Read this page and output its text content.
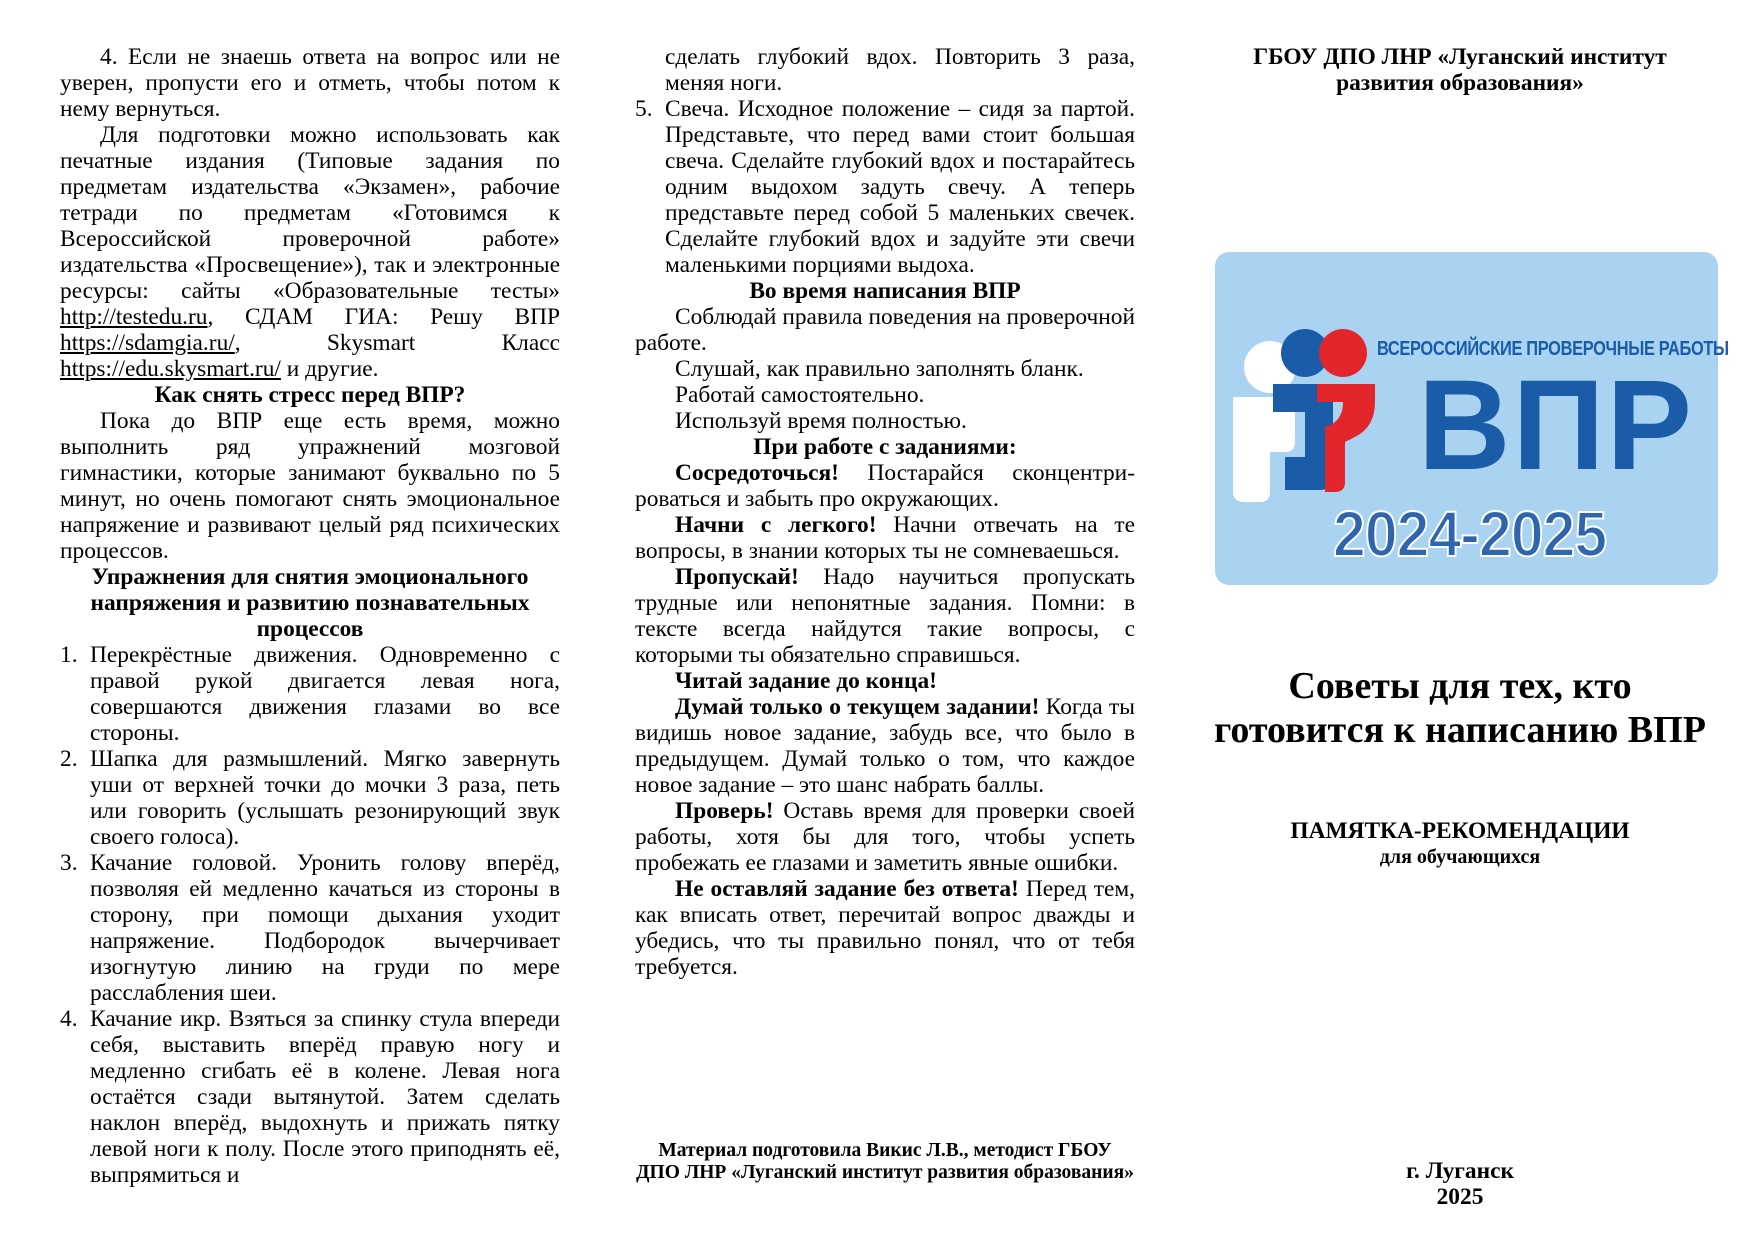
4. Если не знаешь ответа на вопрос или не уверен, пропусти его и отметь, чтобы потом к нему вернуться.

Для подготовки можно использовать как печатные издания (Типовые задания по предметам издательства «Экзамен», рабочие тетради по предметам «Готовимся к Всероссийской проверочной работе» издательства «Просвещение»), так и электронные ресурсы: сайты «Образовательные тесты» http://testedu.ru, СДАМ ГИА: Решу ВПР https://sdamgia.ru/, Skysmart Класс https://edu.skysmart.ru/ и другие.

Как снять стресс перед ВПР?

Пока до ВПР еще есть время, можно выполнить ряд упражнений мозговой гимнастики, которые занимают буквально по 5 минут, но очень помогают снять эмоциональное напряжение и развивают целый ряд психических процессов.

Упражнения для снятия эмоционального напряжения и развитию познавательных процессов

1. Перекрёстные движения. Одновременно с правой рукой двигается левая нога, совершаются движения глазами во все стороны.
2. Шапка для размышлений. Мягко завернуть уши от верхней точки до мочки 3 раза, петь или говорить (услышать резонирующий звук своего голоса).
3. Качание головой. Уронить голову вперёд, позволяя ей медленно качаться из стороны в сторону, при помощи дыхания уходит напряжение. Подбородок вычерчивает изогнутую линию на груди по мере расслабления шеи.
4. Качание икр. Взяться за спинку стула впереди себя, выставить вперёд правую ногу и медленно сгибать её в колене. Левая нога остаётся сзади вытянутой. Затем сделать наклон вперёд, выдохнуть и прижать пятку левой ноги к полу. После этого приподнять её, выпрямиться и
сделать глубокий вдох. Повторить 3 раза, меняя ноги.
5. Свеча. Исходное положение – сидя за партой. Представьте, что перед вами стоит большая свеча. Сделайте глубокий вдох и постарайтесь одним выдохом задуть свечу. А теперь представьте перед собой 5 маленьких свечек. Сделайте глубокий вдох и задуйте эти свечи маленькими порциями выдоха.

Во время написания ВПР

Соблюдай правила поведения на проверочной работе.

Слушай, как правильно заполнять бланк.

Работай самостоятельно.

Используй время полностью.

При работе с заданиями:

Сосредоточься! Постарайся сконцентри-роваться и забыть про окружающих.

Начни с легкого! Начни отвечать на те вопросы, в знании которых ты не сомневаешься.

Пропускай! Надо научиться пропускать трудные или непонятные задания. Помни: в тексте всегда найдутся такие вопросы, с которыми ты обязательно справишься.

Читай задание до конца!

Думай только о текущем задании! Когда ты видишь новое задание, забудь все, что было в предыдущем. Думай только о том, что каждое новое задание – это шанс набрать баллы.

Проверь! Оставь время для проверки своей работы, хотя бы для того, чтобы успеть пробежать ее глазами и заметить явные ошибки.

Не оставляй задание без ответа! Перед тем, как вписать ответ, перечитай вопрос дважды и убедись, что ты правильно понял, что от тебя требуется.

Материал подготовила Викис Л.В., методист ГБОУ ДПО ЛНР «Луганский институт развития образования»
ГБОУ ДПО ЛНР «Луганский институт развития образования»
ВСЕРОССИЙСКИЕ ПРОВЕРОЧНЫЕ РАБОТЫ
ВПР
2024-2025
Советы для тех, кто готовится к написанию ВПР
ПАМЯТКА-РЕКОМЕНДАЦИИ
для обучающихся
г. Луганск
2025
